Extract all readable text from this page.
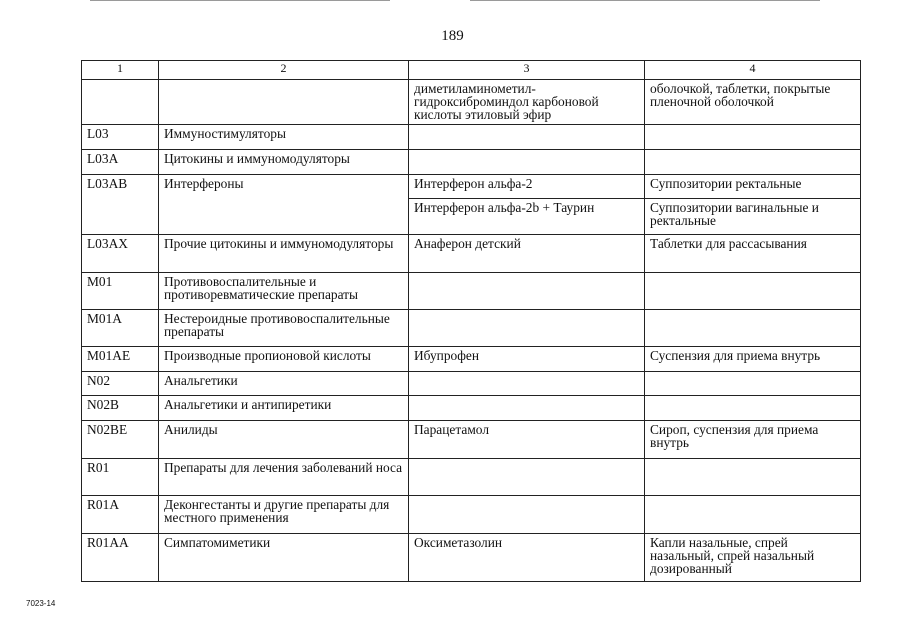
189
1	2	3	4
		диметиламинометил-гидроксиброминдол карбоновой кислоты этиловый эфир	оболочкой, таблетки, покрытые пленочной оболочкой
L03	Иммуностимуляторы		
L03A	Цитокины и иммуномодуляторы		
L03AB	Интерфероны	Интерферон альфа-2	Суппозитории ректальные
		Интерферон альфа-2b + Таурин	Суппозитории вагинальные и ректальные
L03AX	Прочие цитокины и иммуномодуляторы	Анаферон детский	Таблетки для рассасывания
M01	Противовоспалительные и противоревматические препараты		
M01A	Нестероидные противовоспалительные препараты		
M01AE	Производные пропионовой кислоты	Ибупрофен	Суспензия для приема внутрь
N02	Анальгетики		
N02B	Анальгетики и антипиретики		
N02BE	Анилиды	Парацетамол	Сироп, суспензия для приема внутрь
R01	Препараты для лечения заболеваний носа		
R01A	Деконгестанты и другие препараты для местного применения		
R01AA	Симпатомиметики	Оксиметазолин	Капли назальные, спрей назальный, спрей назальный дозированный
7023-14
